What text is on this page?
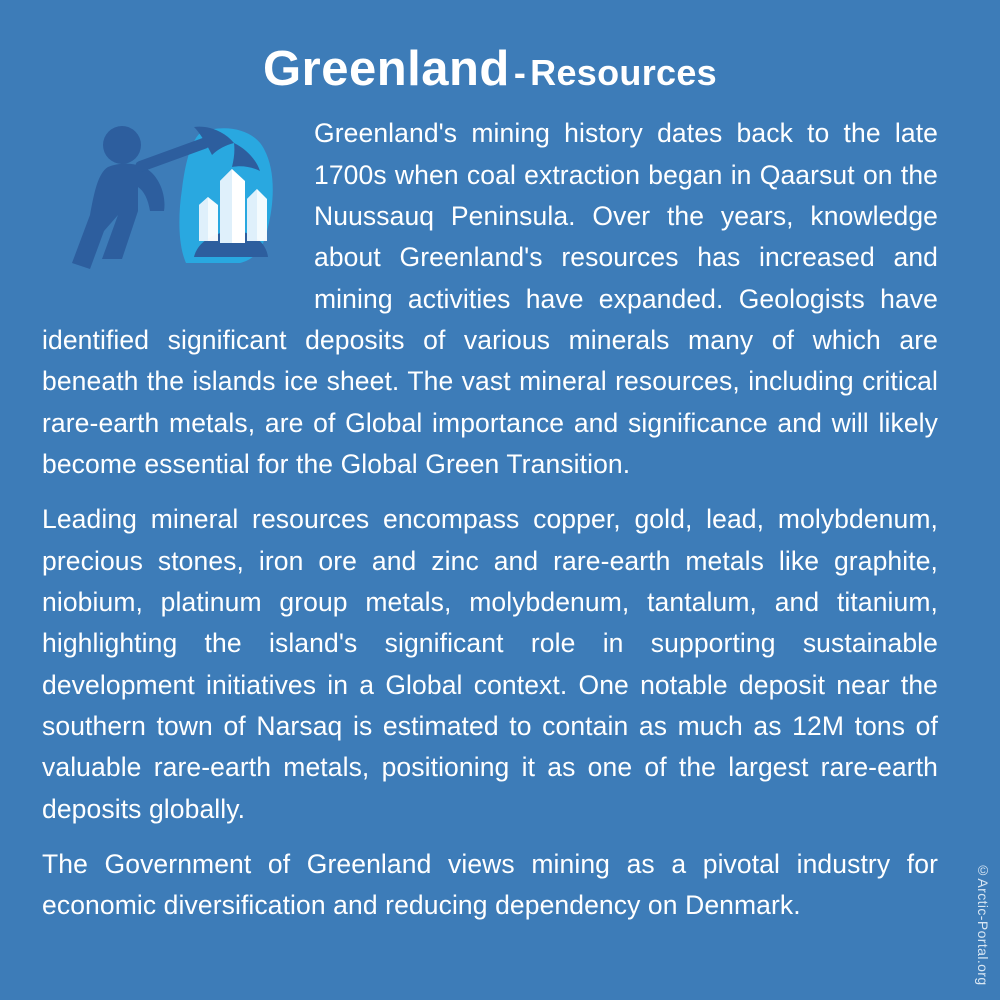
Greenland - Resources

Greenland's mining history dates back to the late 1700s when coal extraction began in Qaarsut on the Nuussauq Peninsula. Over the years, knowledge about Greenland's resources has increased and mining activities have expanded. Geologists have identified significant deposits of various minerals many of which are beneath the islands ice sheet. The vast mineral resources, including critical rare-earth metals, are of Global importance and significance and will likely become essential for the Global Green Transition.

Leading mineral resources encompass copper, gold, lead, molybdenum, precious stones, iron ore and zinc and rare-earth metals like graphite, niobium, platinum group metals, molybdenum, tantalum, and titanium, highlighting the island's significant role in supporting sustainable development initiatives in a Global context. One notable deposit near the southern town of Narsaq is estimated to contain as much as 12M tons of valuable rare-earth metals, positioning it as one of the largest rare-earth deposits globally.

The Government of Greenland views mining as a pivotal industry for economic diversification and reducing dependency on Denmark.	©Arctic-Portal.org
